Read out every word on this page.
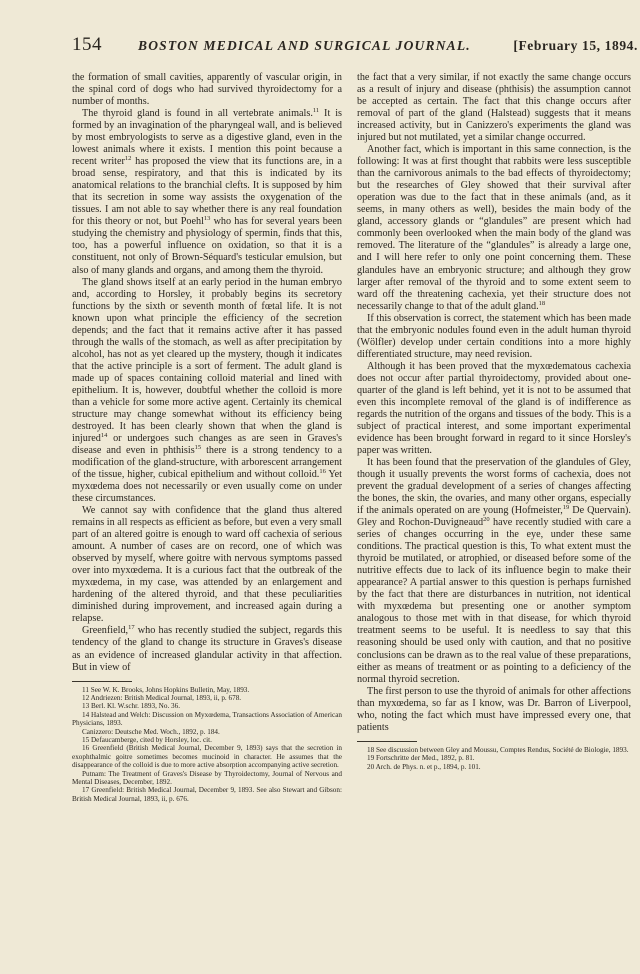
154	BOSTON MEDICAL AND SURGICAL JOURNAL.	[February 15, 1894.

the formation of small cavities, apparently of vascular origin, in the spinal cord of dogs who had survived thyroidectomy for a number of months.

The thyroid gland is found in all vertebrate animals.$^{11}$ It is formed by an invagination of the pharyngeal wall, and is believed by most embryologists to serve as a digestive gland, even in the lowest animals where it exists. I mention this point because a recent writer$^{12}$ has proposed the view that its functions are, in a broad sense, respiratory, and that this is indicated by its anatomical relations to the branchial clefts. It is supposed by him that its secretion in some way assists the oxygenation of the tissues. I am not able to say whether there is any real foundation for this theory or not, but Poehl$^{13}$ who has for several years been studying the chemistry and physiology of spermin, finds that this, too, has a powerful influence on oxidation, so that it is a constituent, not only of Brown-Séquard's testicular emulsion, but also of many glands and organs, and among them the thyroid.

The gland shows itself at an early period in the human embryo and, according to Horsley, it probably begins its secretory functions by the sixth or seventh month of fœtal life. It is not known upon what principle the efficiency of the secretion depends; and the fact that it remains active after it has passed through the walls of the stomach, as well as after precipitation by alcohol, has not as yet cleared up the mystery, though it indicates that the active principle is a sort of ferment. The adult gland is made up of spaces containing colloid material and lined with epithelium. It is, however, doubtful whether the colloid is more than a vehicle for some more active agent. Certainly its chemical structure may change somewhat without its efficiency being destroyed. It has been clearly shown that when the gland is injured$^{14}$ or undergoes such changes as are seen in Graves's disease and even in phthisis$^{15}$ there is a strong tendency to a modification of the gland-structure, with arborescent arrangement of the tissue, higher, cubical epithelium and without colloid.$^{16}$ Yet myxœdema does not necessarily or even usually come on under these circumstances.

We cannot say with confidence that the gland thus altered remains in all respects as efficient as before, but even a very small part of an altered goitre is enough to ward off cachexia of serious amount. A number of cases are on record, one of which was observed by myself, where goitre with nervous symptoms passed over into myxœdema. It is a curious fact that the outbreak of the myxœdema, in my case, was attended by an enlargement and hardening of the altered thyroid, and that these peculiarities diminished during improvement, and increased again during a relapse.

Greenfield,$^{17}$ who has recently studied the subject, regards this tendency of the gland to change its structure in Graves's disease as an evidence of increased glandular activity in that affection. But in view of

11 See W. K. Brooks, Johns Hopkins Bulletin, May, 1893.

12 Andriezen: British Medical Journal, 1893, ii, p. 678.

13 Berl. Kl. W.schr. 1893, No. 36.

14 Halstead and Welch: Discussion on Myxœdema, Transactions Association of American Physicians, 1893.

Canizzero: Deutsche Med. Woch., 1892, p. 184.

15 Defaucamberge, cited by Horsley, loc. cit.

16 Greenfield (British Medical Journal, December 9, 1893) says that the secretion in exophthalmic goitre sometimes becomes mucinoid in character. He assumes that the disappearance of the colloid is due to more active absorption accompanying active secretion.

Putnam: The Treatment of Graves's Disease by Thyroidectomy, Journal of Nervous and Mental Diseases, December, 1892.

17 Greenfield: British Medical Journal, December 9, 1893. See also Stewart and Gibson: British Medical Journal, 1893, ii, p. 676.

the fact that a very similar, if not exactly the same change occurs as a result of injury and disease (phthisis) the assumption cannot be accepted as certain. The fact that this change occurs after removal of part of the gland (Halstead) suggests that it means increased activity, but in Canizzero's experiments the gland was injured but not mutilated, yet a similar change occurred.

Another fact, which is important in this same connection, is the following: It was at first thought that rabbits were less susceptible than the carnivorous animals to the bad effects of thyroidectomy; but the researches of Gley showed that their survival after operation was due to the fact that in these animals (and, as it seems, in many others as well), besides the main body of the gland, accessory glands or “glandules” are present which had commonly been overlooked when the main body of the gland was removed. The literature of the “glandules” is already a large one, and I will here refer to only one point concerning them. These glandules have an embryonic structure; and although they grow larger after removal of the thyroid and to some extent seem to ward off the threatening cachexia, yet their structure does not necessarily change to that of the adult gland.$^{18}$

If this observation is correct, the statement which has been made that the embryonic nodules found even in the adult human thyroid (Wölfler) develop under certain conditions into a more highly differentiated structure, may need revision.

Although it has been proved that the myxœdematous cachexia does not occur after partial thyroidectomy, provided about one-quarter of the gland is left behind, yet it is not to be assumed that even this incomplete removal of the gland is of indifference as regards the nutrition of the organs and tissues of the body. This is a subject of practical interest, and some important experimental evidence has been brought forward in regard to it since Horsley's paper was written.

It has been found that the preservation of the glandules of Gley, though it usually prevents the worst forms of cachexia, does not prevent the gradual development of a series of changes affecting the bones, the skin, the ovaries, and many other organs, especially if the animals operated on are young (Hofmeister,$^{19}$ De Quervain). Gley and Rochon-Duvigneaud$^{20}$ have recently studied with care a series of changes occurring in the eye, under these same conditions. The practical question is this, To what extent must the thyroid be mutilated, or atrophied, or diseased before some of the nutritive effects due to lack of its influence begin to make their appearance? A partial answer to this question is perhaps furnished by the fact that there are disturbances in nutrition, not identical with myxœdema but presenting one or another symptom analogous to those met with in that disease, for which thyroid treatment seems to be useful. It is needless to say that this reasoning should be used only with caution, and that no positive conclusions can be drawn as to the real value of these preparations, either as means of treatment or as pointing to a deficiency of the normal thyroid secretion.

The first person to use the thyroid of animals for other affections than myxœdema, so far as I know, was Dr. Barron of Liverpool, who, noting the fact which must have impressed every one, that patients

18 See discussion between Gley and Moussu, Comptes Rendus, Société de Biologie, 1893.

19 Fortschritte der Med., 1892, p. 81.

20 Arch. de Phys. n. et p., 1894, p. 101.
